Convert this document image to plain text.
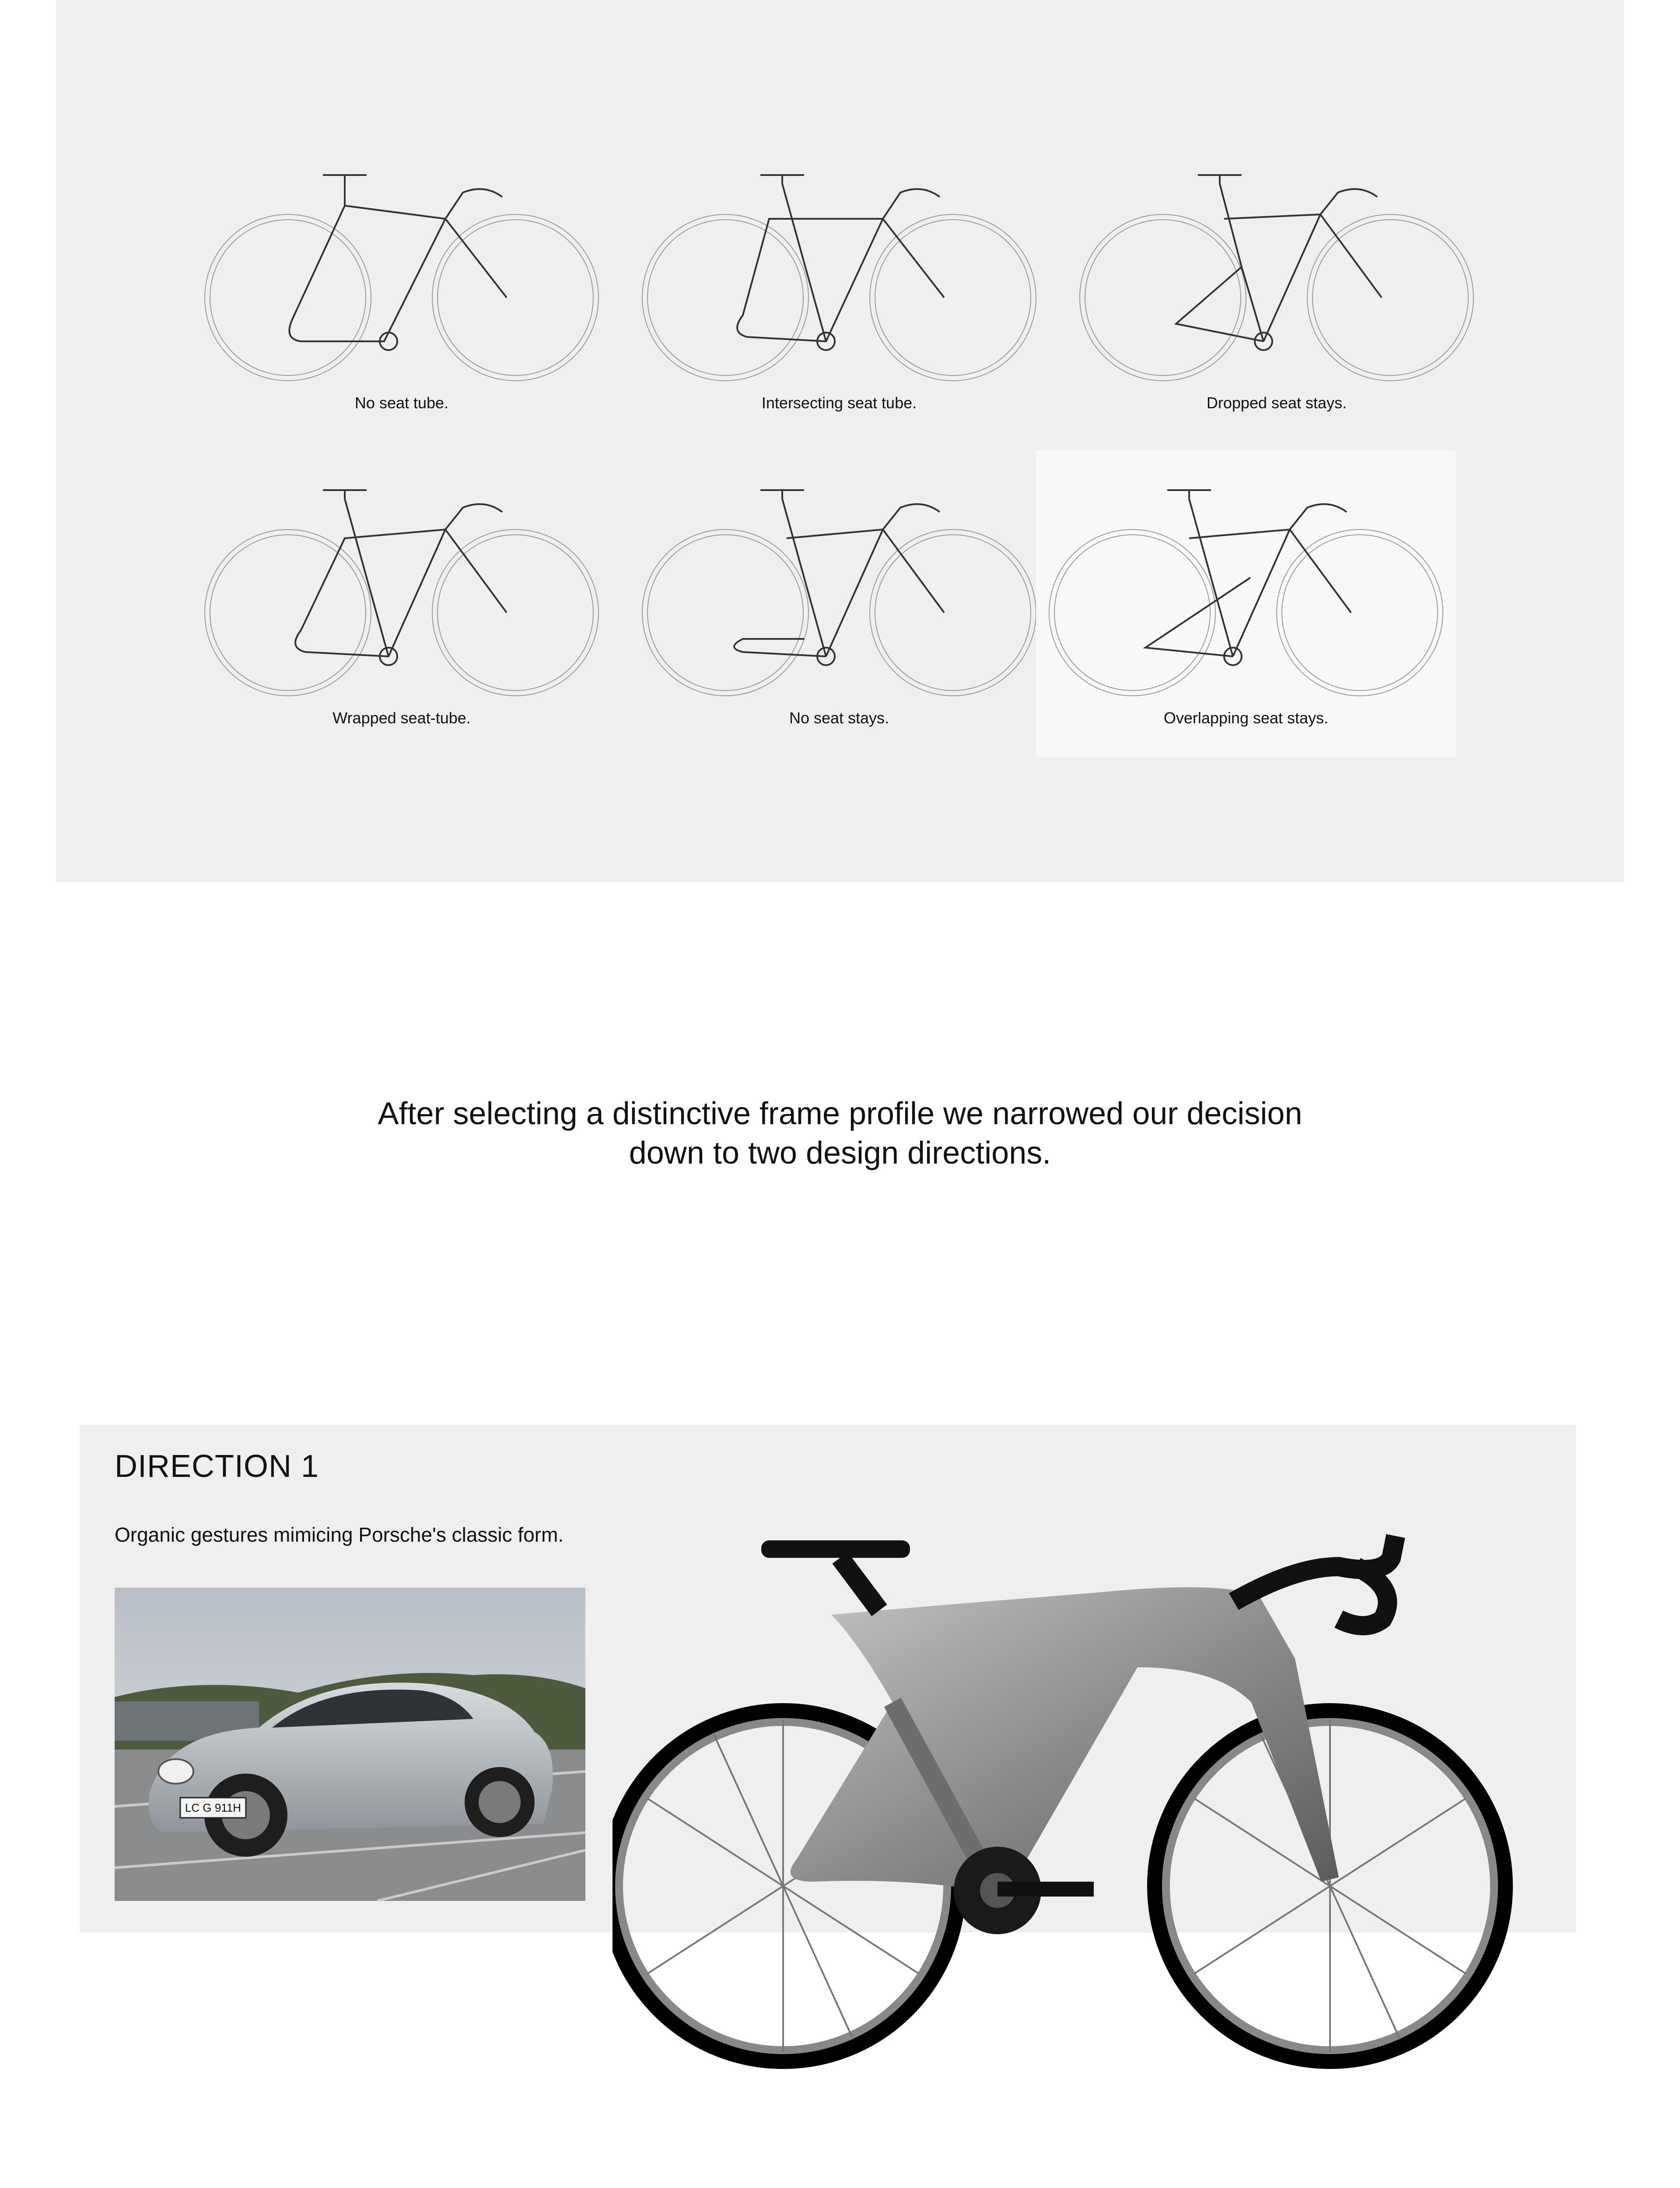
No seat tube.	Intersecting seat tube.	Dropped seat stays.
Wrapped seat-tube.	No seat stays.	Overlapping seat stays.
After selecting a distinctive frame profile we narrowed our decision
down to two design directions.
DIRECTION 1
Organic gestures mimicing Porsche's classic form.
LC G 911H
